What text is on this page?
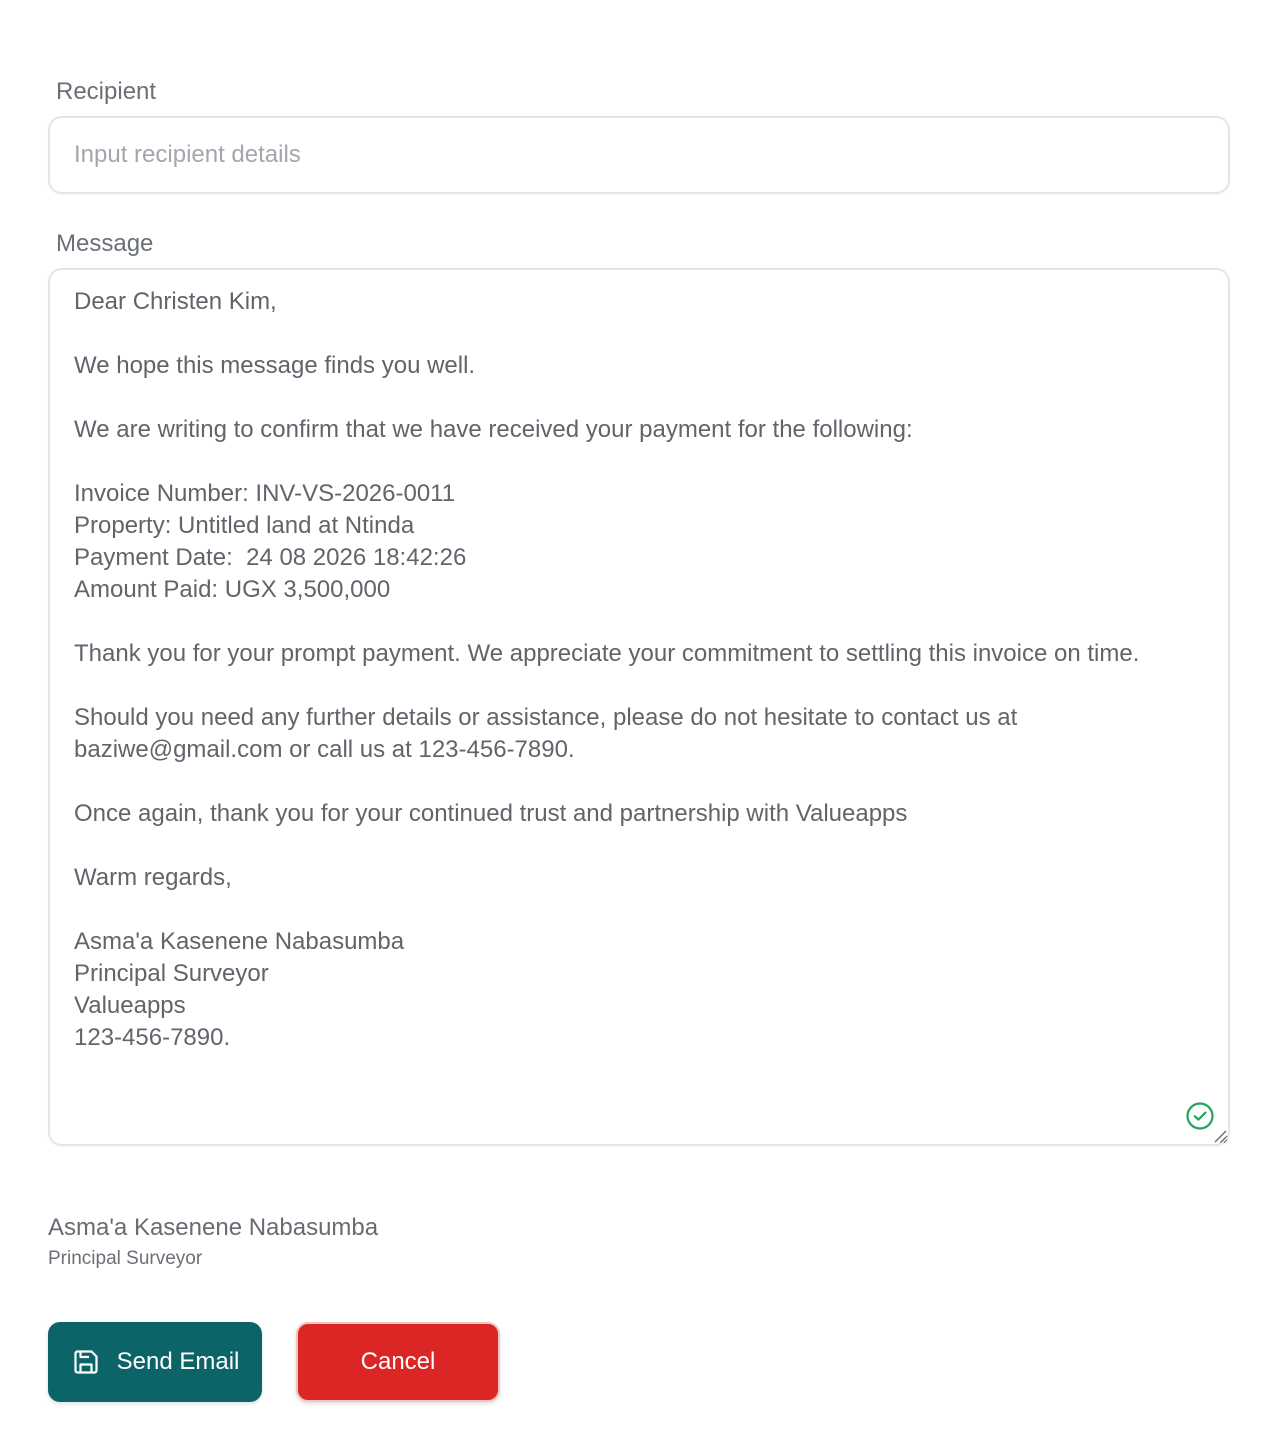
Recipient
Input recipient details
Message
Dear Christen Kim, We hope this message finds you well. We are writing to confirm that we have received your payment for the following: Invoice Number: INV-VS-2026-0011 Property: Untitled land at Ntinda Payment Date: 24 08 2026 18:42:26 Amount Paid: UGX 3,500,000 Thank you for your prompt payment. We appreciate your commitment to settling this invoice on time. Should you need any further details or assistance, please do not hesitate to contact us at baziwe@gmail.com or call us at 123-456-7890. Once again, thank you for your continued trust and partnership with Valueapps Warm regards, Asma'a Kasenene Nabasumba Principal Surveyor Valueapps 123-456-7890.
Asma'a Kasenene Nabasumba
Principal Surveyor
Send Email	Cancel
